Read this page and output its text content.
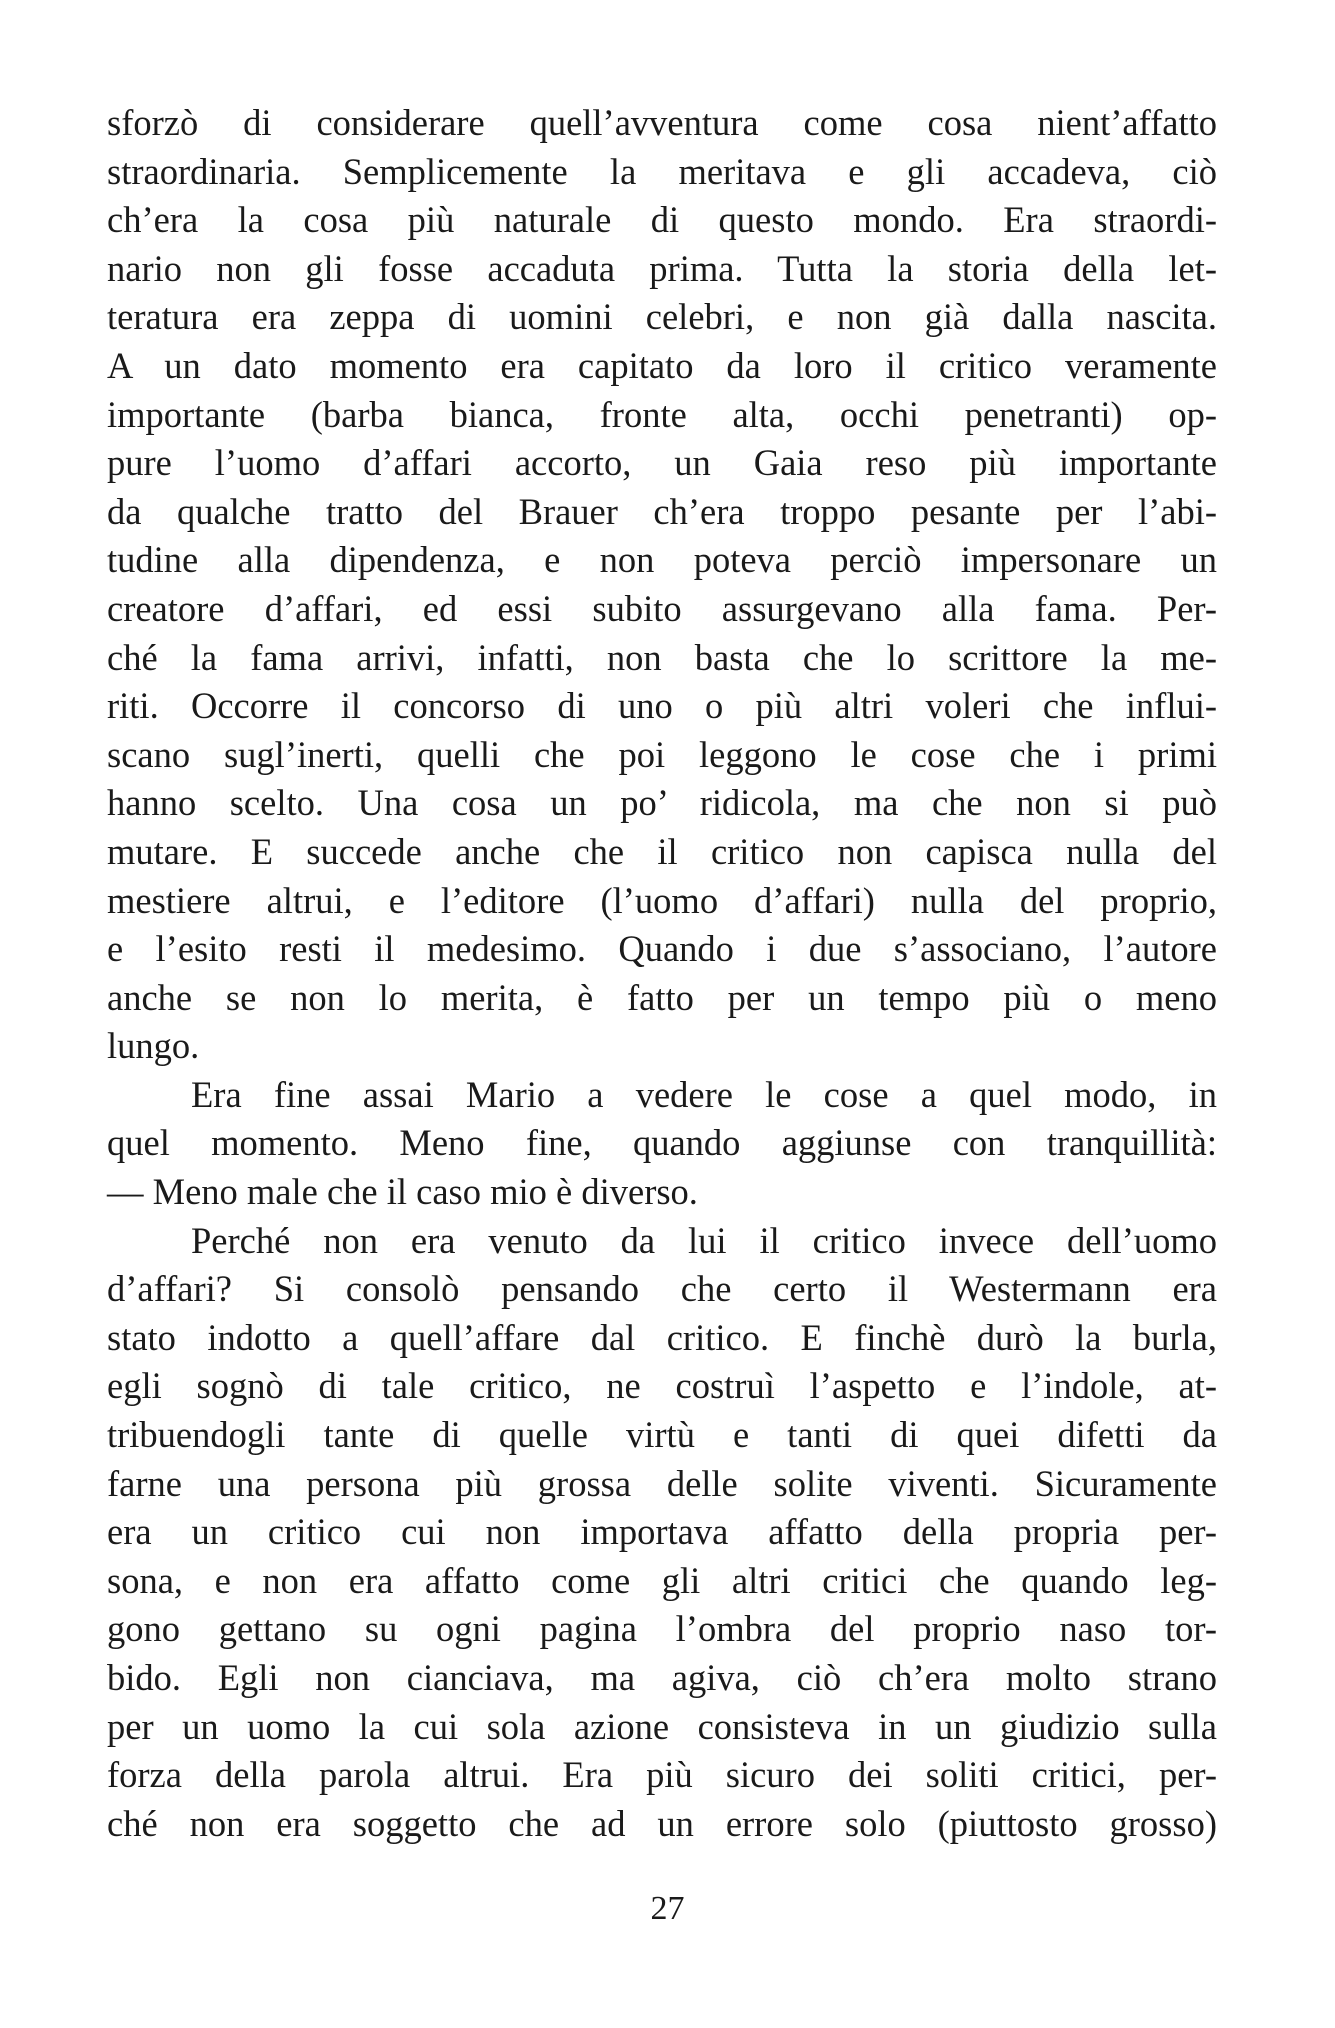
sforzò di considerare quell’avventura come cosa nient’affatto
straordinaria. Semplicemente la meritava e gli accadeva, ciò
ch’era la cosa più naturale di questo mondo. Era straordi-
nario non gli fosse accaduta prima. Tutta la storia della let-
teratura era zeppa di uomini celebri, e non già dalla nascita.
A un dato momento era capitato da loro il critico veramente
importante (barba bianca, fronte alta, occhi penetranti) op-
pure l’uomo d’affari accorto, un Gaia reso più importante
da qualche tratto del Brauer ch’era troppo pesante per l’abi-
tudine alla dipendenza, e non poteva perciò impersonare un
creatore d’affari, ed essi subito assurgevano alla fama. Per-
ché la fama arrivi, infatti, non basta che lo scrittore la me-
riti. Occorre il concorso di uno o più altri voleri che influi-
scano sugl’inerti, quelli che poi leggono le cose che i primi
hanno scelto. Una cosa un po’ ridicola, ma che non si può
mutare. E succede anche che il critico non capisca nulla del
mestiere altrui, e l’editore (l’uomo d’affari) nulla del proprio,
e l’esito resti il medesimo. Quando i due s’associano, l’autore
anche se non lo merita, è fatto per un tempo più o meno
lungo.
Era fine assai Mario a vedere le cose a quel modo, in
quel momento. Meno fine, quando aggiunse con tranquillità:
— Meno male che il caso mio è diverso.
Perché non era venuto da lui il critico invece dell’uomo
d’affari? Si consolò pensando che certo il Westermann era
stato indotto a quell’affare dal critico. E finchè durò la burla,
egli sognò di tale critico, ne costruì l’aspetto e l’indole, at-
tribuendogli tante di quelle virtù e tanti di quei difetti da
farne una persona più grossa delle solite viventi. Sicuramente
era un critico cui non importava affatto della propria per-
sona, e non era affatto come gli altri critici che quando leg-
gono gettano su ogni pagina l’ombra del proprio naso tor-
bido. Egli non cianciava, ma agiva, ciò ch’era molto strano
per un uomo la cui sola azione consisteva in un giudizio sulla
forza della parola altrui. Era più sicuro dei soliti critici, per-
ché non era soggetto che ad un errore solo (piuttosto grosso)
27
